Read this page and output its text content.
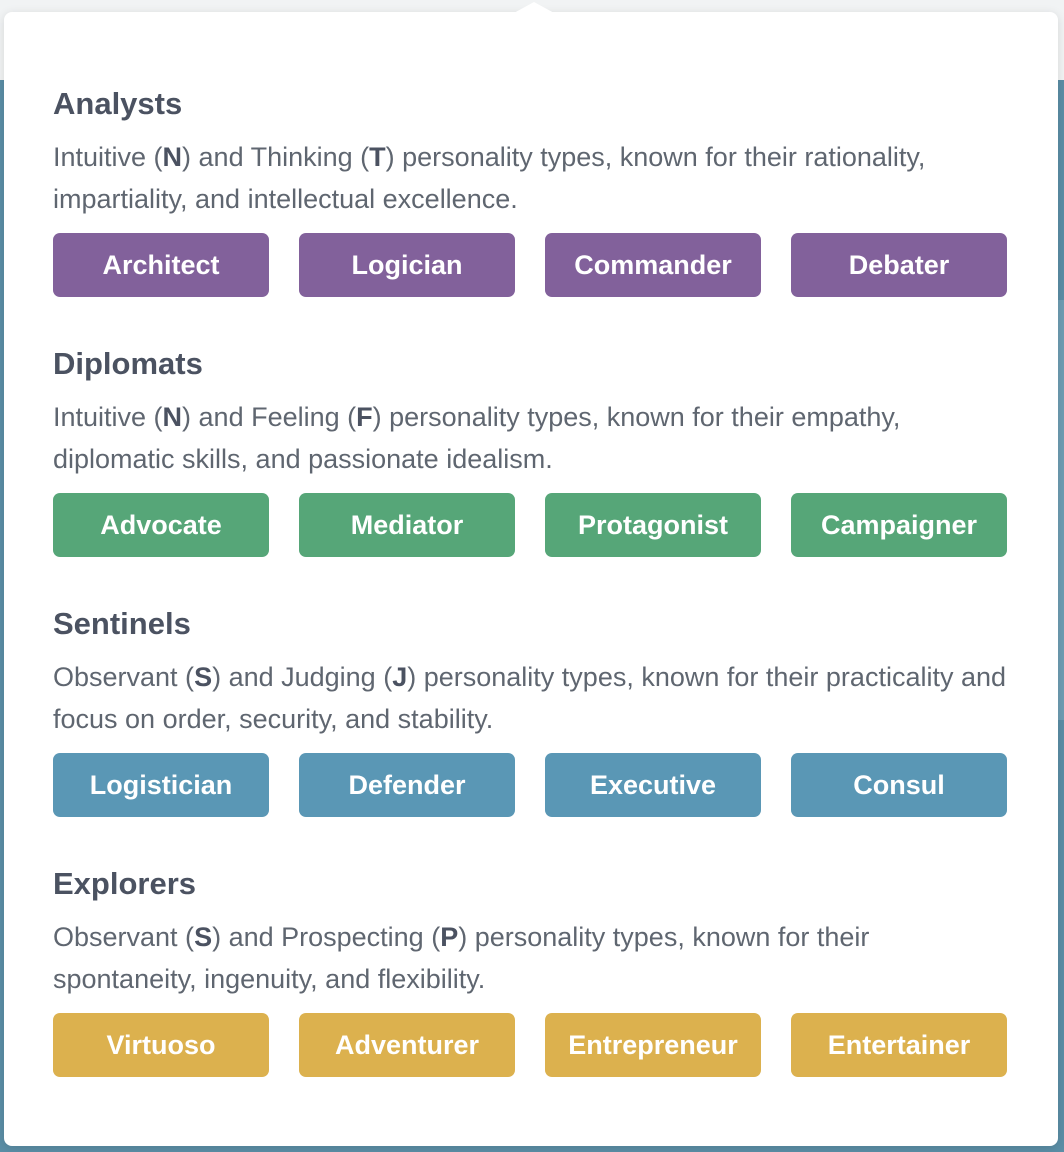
Analysts
Intuitive (N) and Thinking (T) personality types, known for their rationality, impartiality, and intellectual excellence.
Architect	Logician	Commander	Debater
Diplomats
Intuitive (N) and Feeling (F) personality types, known for their empathy, diplomatic skills, and passionate idealism.
Advocate	Mediator	Protagonist	Campaigner
Sentinels
Observant (S) and Judging (J) personality types, known for their practicality and focus on order, security, and stability.
Logistician	Defender	Executive	Consul
Explorers
Observant (S) and Prospecting (P) personality types, known for their spontaneity, ingenuity, and flexibility.
Virtuoso	Adventurer	Entrepreneur	Entertainer
